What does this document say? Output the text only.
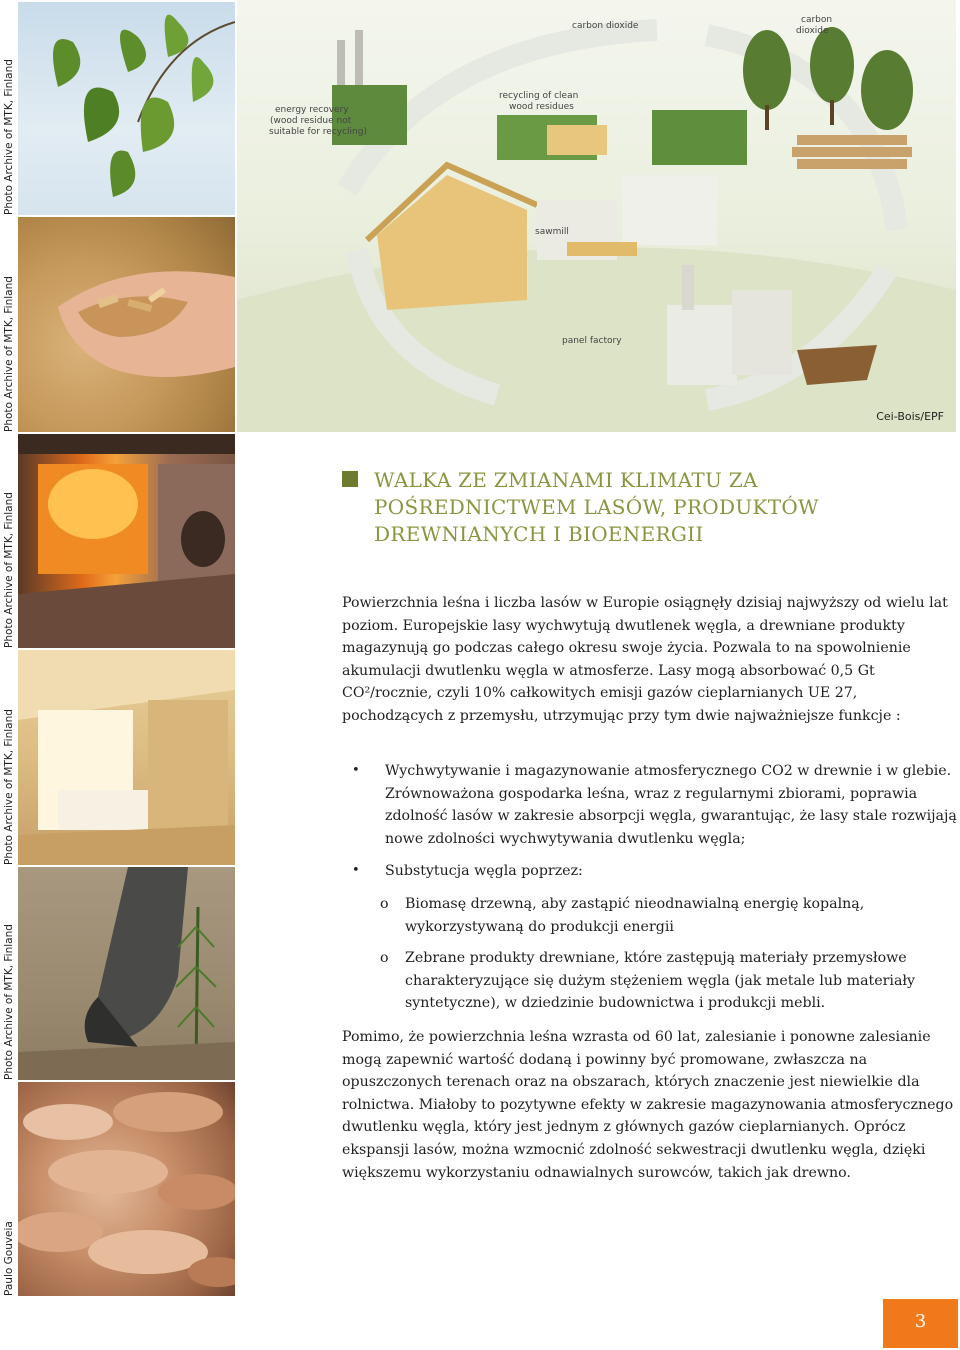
Photo Archive of MTK, Finland
Photo Archive of MTK, Finland
Photo Archive of MTK, Finland
Photo Archive of MTK, Finland
Photo Archive of MTK, Finland
Paulo Gouveia
carbon dioxide
carbon
dioxide
energy recovery
(wood residue not
suitable for recycling)
recycling of clean
wood residues
sawmill
panel factory
Cei-Bois/EPF
WALKA ZE ZMIANAMI KLIMATU ZA POŚREDNICTWEM LASÓW, PRODUKTÓW DREWNIANYCH I BIOENERGII

Powierzchnia leśna i liczba lasów w Europie osiągnęły dzisiaj najwyższy od wielu lat poziom. Europejskie lasy wychwytują dwutlenek węgla, a drewniane produkty magazynują go podczas całego okresu swoje życia. Pozwala to na spowolnienie akumulacji dwutlenku węgla w atmosferze. Lasy mogą absorbować 0,5 Gt CO²/rocznie, czyli 10% całkowitych emisji gazów cieplarnianych UE 27, pochodzących z przemysłu, utrzymując przy tym dwie najważniejsze funkcje :

• Wychwytywanie i magazynowanie atmosferycznego CO2 w drewnie i w glebie. Zrównoważona gospodarka leśna, wraz z regularnymi zbiorami, poprawia zdolność lasów w zakresie absorpcji węgla, gwarantując, że lasy stale rozwijają nowe zdolności wychwytywania dwutlenku węgla;
• Substytucja węgla poprzez:
o Biomasę drzewną, aby zastąpić nieodnawialną energię kopalną, wykorzystywaną do produkcji energii
o Zebrane produkty drewniane, które zastępują materiały przemysłowe charakteryzujące się dużym stężeniem węgla (jak metale lub materiały syntetyczne), w dziedzinie budownictwa i produkcji mebli.

Pomimo, że powierzchnia leśna wzrasta od 60 lat, zalesianie i ponowne zalesianie mogą zapewnić wartość dodaną i powinny być promowane, zwłaszcza na opuszczonych terenach oraz na obszarach, których znaczenie jest niewielkie dla rolnictwa. Miałoby to pozytywne efekty w zakresie magazynowania atmosferycznego dwutlenku węgla, który jest jednym z głównych gazów cieplarnianych. Oprócz ekspansji lasów, można wzmocnić zdolność sekwestracji dwutlenku węgla, dzięki większemu wykorzystaniu odnawialnych surowców, takich jak drewno.

3
